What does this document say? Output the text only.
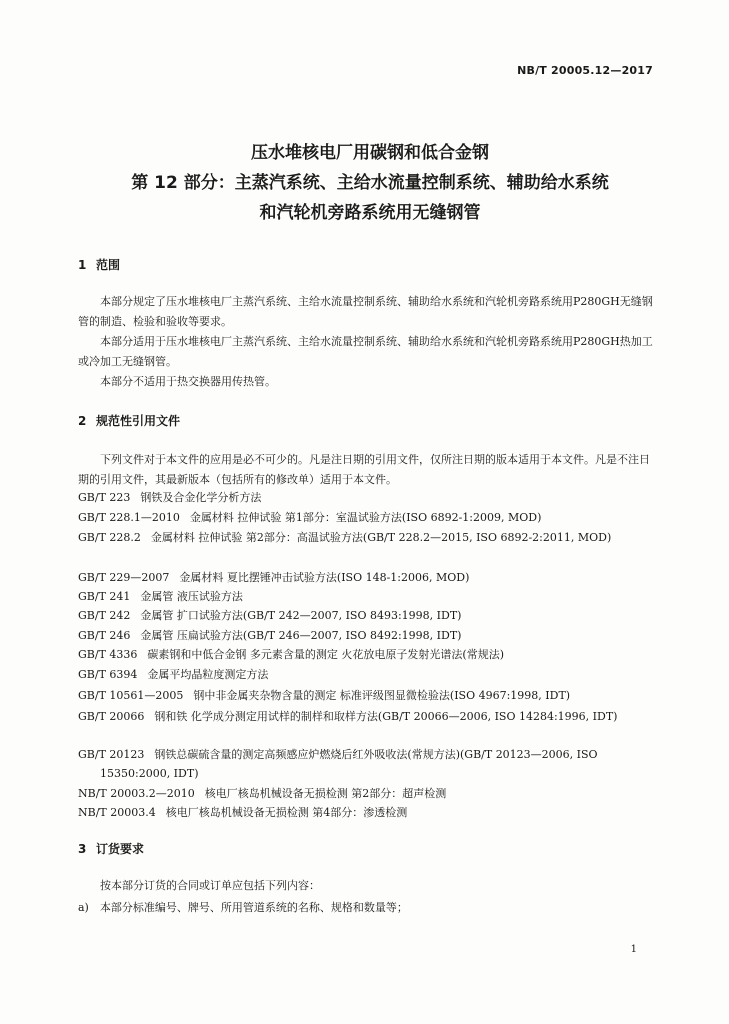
NB/T 20005.12—2017
压水堆核电厂用碳钢和低合金钢
第 12 部分：主蒸汽系统、主给水流量控制系统、辅助给水系统
和汽轮机旁路系统用无缝钢管
1 范围
本部分规定了压水堆核电厂主蒸汽系统、主给水流量控制系统、辅助给水系统和汽轮机旁路系统用P280GH无缝钢管的制造、检验和验收等要求。
本部分适用于压水堆核电厂主蒸汽系统、主给水流量控制系统、辅助给水系统和汽轮机旁路系统用P280GH热加工或冷加工无缝钢管。
本部分不适用于热交换器用传热管。
2 规范性引用文件
下列文件对于本文件的应用是必不可少的。凡是注日期的引用文件，仅所注日期的版本适用于本文件。凡是不注日期的引用文件，其最新版本（包括所有的修改单）适用于本文件。
GB/T 223 钢铁及合金化学分析方法
GB/T 228.1—2010 金属材料 拉伸试验 第1部分：室温试验方法(ISO 6892-1:2009, MOD)
GB/T 228.2 金属材料 拉伸试验 第2部分：高温试验方法(GB/T 228.2—2015, ISO 6892-2:2011, MOD)
GB/T 229—2007 金属材料 夏比摆锤冲击试验方法(ISO 148-1:2006, MOD)
GB/T 241 金属管 液压试验方法
GB/T 242 金属管 扩口试验方法(GB/T 242—2007, ISO 8493:1998, IDT)
GB/T 246 金属管 压扁试验方法(GB/T 246—2007, ISO 8492:1998, IDT)
GB/T 4336 碳素钢和中低合金钢 多元素含量的测定 火花放电原子发射光谱法(常规法)
GB/T 6394 金属平均晶粒度测定方法
GB/T 10561—2005 钢中非金属夹杂物含量的测定 标准评级图显微检验法(ISO 4967:1998, IDT)
GB/T 20066 钢和铁 化学成分测定用试样的制样和取样方法(GB/T 20066—2006, ISO 14284:1996, IDT)
GB/T 20123 钢铁总碳硫含量的测定高频感应炉燃烧后红外吸收法(常规方法)(GB/T 20123—2006, ISO 15350:2000, IDT)
NB/T 20003.2—2010 核电厂核岛机械设备无损检测 第2部分：超声检测
NB/T 20003.4 核电厂核岛机械设备无损检测 第4部分：渗透检测
3 订货要求
按本部分订货的合同或订单应包括下列内容：
a)　本部分标准编号、牌号、所用管道系统的名称、规格和数量等；
1
